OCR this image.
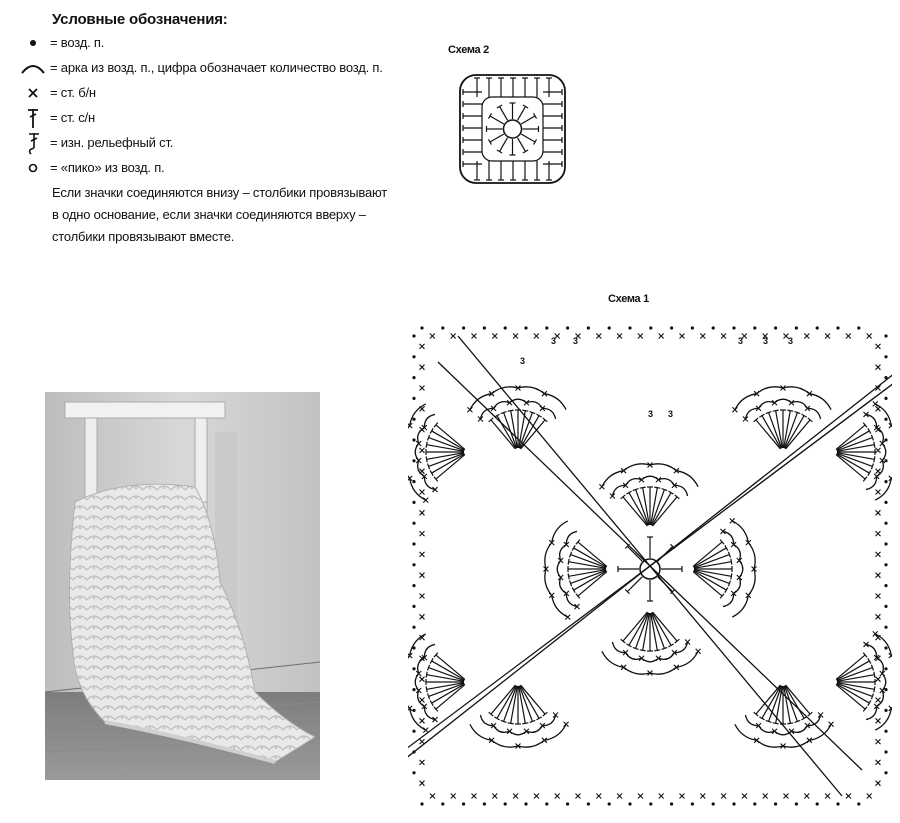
Условные обозначения:
= возд. п.
= арка из возд. п., цифра обозначает количество возд. п.
= ст. б/н
= ст. с/н
= изн. рельефный ст.
= «пико» из возд. п.
Если значки соединяются внизу – столбики провязывают
в одно основание, если значки соединяются вверху –
столбики провязывают вместе.
Схема 2
Схема 1
3
3 3	3 3 3
3 3
